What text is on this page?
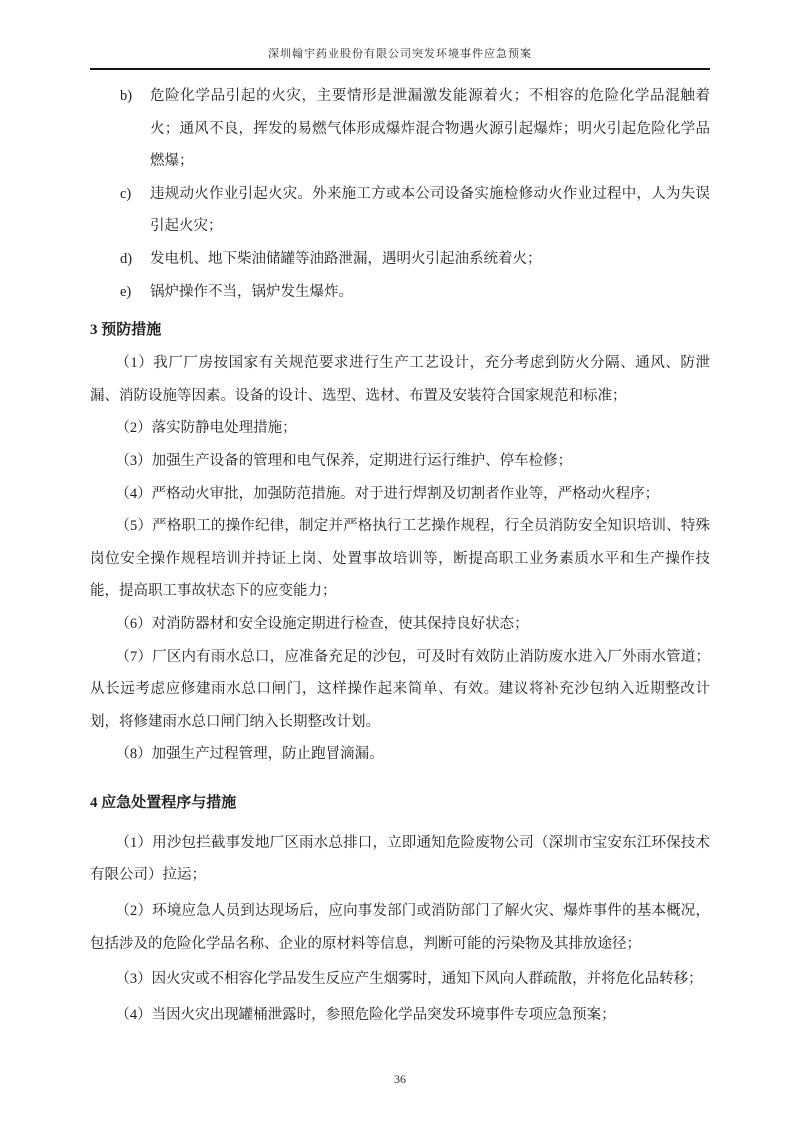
深圳翰宇药业股份有限公司突发环境事件应急预案
b) 危险化学品引起的火灾，主要情形是泄漏激发能源着火；不相容的危险化学品混触着火；通风不良，挥发的易燃气体形成爆炸混合物遇火源引起爆炸；明火引起危险化学品燃爆；
c) 违规动火作业引起火灾。外来施工方或本公司设备实施检修动火作业过程中，人为失误引起火灾；
d) 发电机、地下柴油储罐等油路泄漏，遇明火引起油系统着火；
e) 锅炉操作不当，锅炉发生爆炸。
3 预防措施

（1）我厂厂房按国家有关规范要求进行生产工艺设计，充分考虑到防火分隔、通风、防泄漏、消防设施等因素。设备的设计、选型、选材、布置及安装符合国家规范和标准；

（2）落实防静电处理措施；

（3）加强生产设备的管理和电气保养，定期进行运行维护、停车检修；

（4）严格动火审批，加强防范措施。对于进行焊割及切割者作业等，严格动火程序；

（5）严格职工的操作纪律，制定并严格执行工艺操作规程，行全员消防安全知识培训、特殊岗位安全操作规程培训并持证上岗、处置事故培训等，断提高职工业务素质水平和生产操作技能，提高职工事故状态下的应变能力；

（6）对消防器材和安全设施定期进行检查，使其保持良好状态；

（7）厂区内有雨水总口，应准备充足的沙包，可及时有效防止消防废水进入厂外雨水管道；从长远考虑应修建雨水总口闸门，这样操作起来简单、有效。建议将补充沙包纳入近期整改计划，将修建雨水总口闸门纳入长期整改计划。

（8）加强生产过程管理，防止跑冒滴漏。

4 应急处置程序与措施

（1）用沙包拦截事发地厂区雨水总排口，立即通知危险废物公司（深圳市宝安东江环保技术有限公司）拉运；

（2）环境应急人员到达现场后，应向事发部门或消防部门了解火灾、爆炸事件的基本概况，包括涉及的危险化学品名称、企业的原材料等信息，判断可能的污染物及其排放途径；

（3）因火灾或不相容化学品发生反应产生烟雾时，通知下风向人群疏散，并将危化品转移；

（4）当因火灾出现罐桶泄露时，参照危险化学品突发环境事件专项应急预案；

36
